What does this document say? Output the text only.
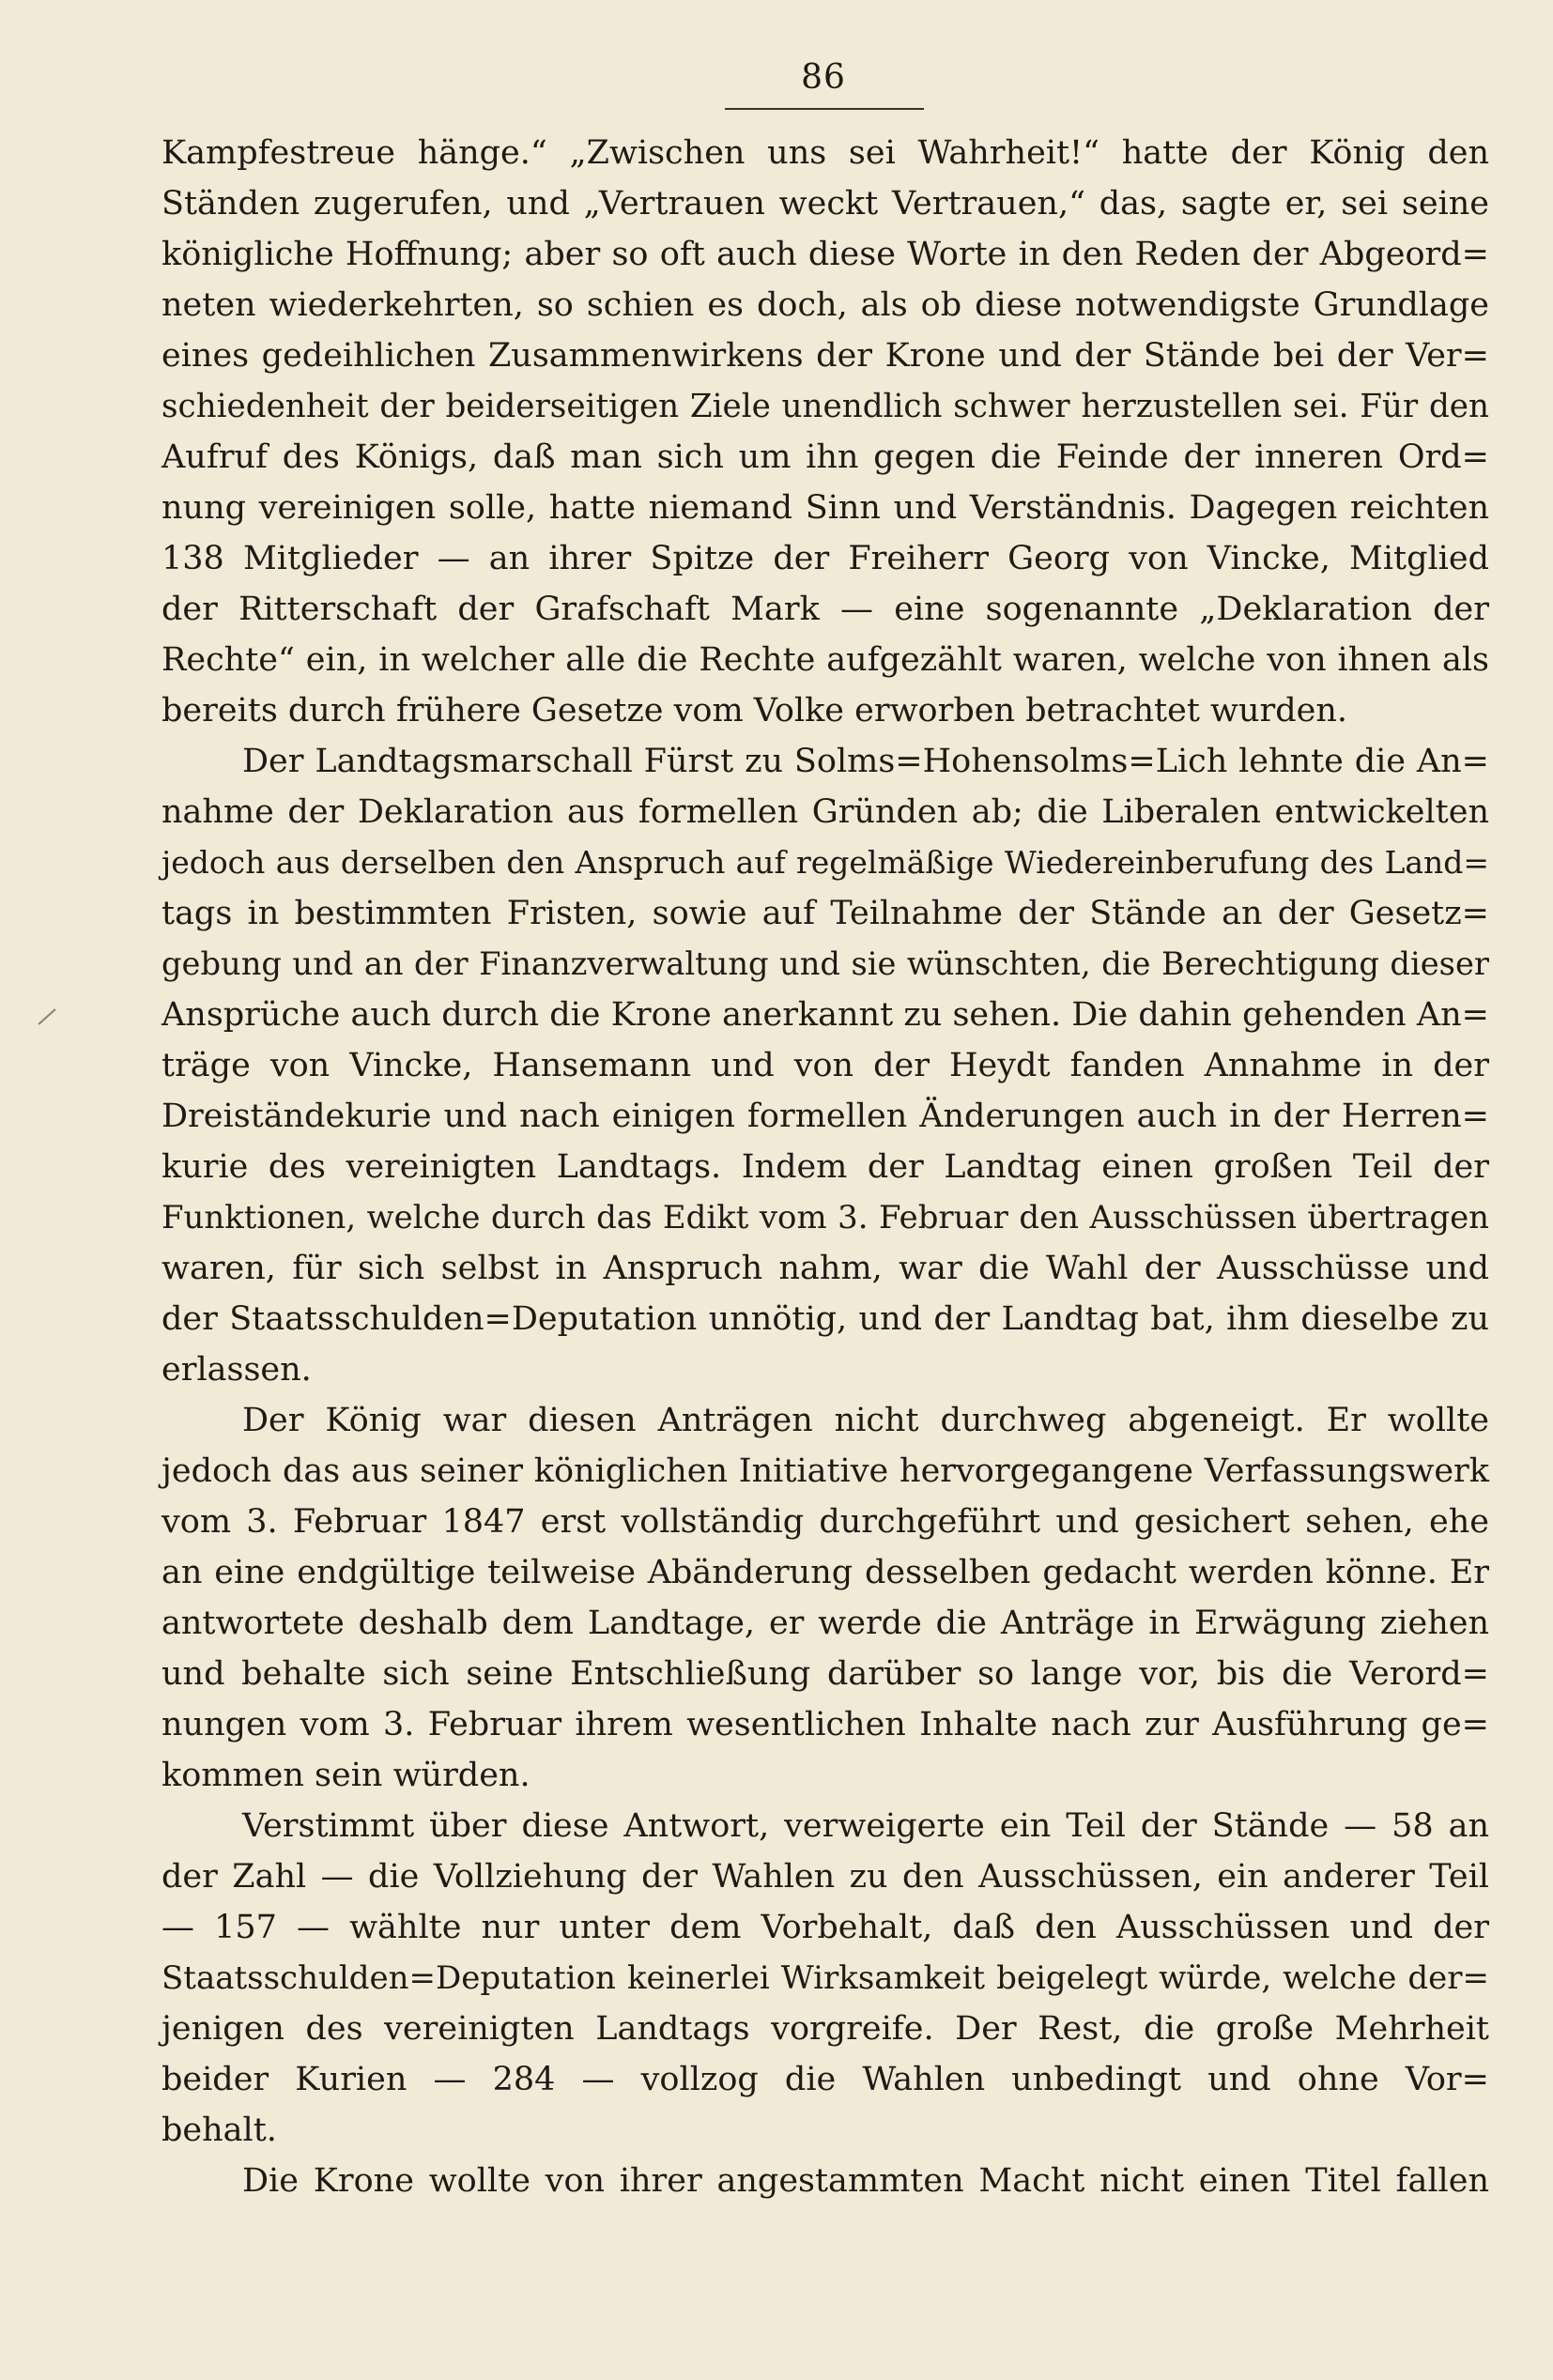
86
Kampfestreue hänge.“ „Zwischen uns sei Wahrheit!“ hatte der König den
Ständen zugerufen, und „Vertrauen weckt Vertrauen,“ das, sagte er, sei seine
königliche Hoffnung; aber so oft auch diese Worte in den Reden der Abgeord=
neten wiederkehrten, so schien es doch, als ob diese notwendigste Grundlage
eines gedeihlichen Zusammenwirkens der Krone und der Stände bei der Ver=
schiedenheit der beiderseitigen Ziele unendlich schwer herzustellen sei. Für den
Aufruf des Königs, daß man sich um ihn gegen die Feinde der inneren Ord=
nung vereinigen solle, hatte niemand Sinn und Verständnis. Dagegen reichten
138 Mitglieder — an ihrer Spitze der Freiherr Georg von Vincke, Mitglied
der Ritterschaft der Grafschaft Mark — eine sogenannte „Deklaration der
Rechte“ ein, in welcher alle die Rechte aufgezählt waren, welche von ihnen als
bereits durch frühere Gesetze vom Volke erworben betrachtet wurden.
Der Landtagsmarschall Fürst zu Solms=Hohensolms=Lich lehnte die An=
nahme der Deklaration aus formellen Gründen ab; die Liberalen entwickelten
jedoch aus derselben den Anspruch auf regelmäßige Wiedereinberufung des Land=
tags in bestimmten Fristen, sowie auf Teilnahme der Stände an der Gesetz=
gebung und an der Finanzverwaltung und sie wünschten, die Berechtigung dieser
Ansprüche auch durch die Krone anerkannt zu sehen. Die dahin gehenden An=
träge von Vincke, Hansemann und von der Heydt fanden Annahme in der
Dreiständekurie und nach einigen formellen Änderungen auch in der Herren=
kurie des vereinigten Landtags. Indem der Landtag einen großen Teil der
Funktionen, welche durch das Edikt vom 3. Februar den Ausschüssen übertragen
waren, für sich selbst in Anspruch nahm, war die Wahl der Ausschüsse und
der Staatsschulden=Deputation unnötig, und der Landtag bat, ihm dieselbe zu
erlassen.
Der König war diesen Anträgen nicht durchweg abgeneigt. Er wollte
jedoch das aus seiner königlichen Initiative hervorgegangene Verfassungswerk
vom 3. Februar 1847 erst vollständig durchgeführt und gesichert sehen, ehe
an eine endgültige teilweise Abänderung desselben gedacht werden könne. Er
antwortete deshalb dem Landtage, er werde die Anträge in Erwägung ziehen
und behalte sich seine Entschließung darüber so lange vor, bis die Verord=
nungen vom 3. Februar ihrem wesentlichen Inhalte nach zur Ausführung ge=
kommen sein würden.
Verstimmt über diese Antwort, verweigerte ein Teil der Stände — 58 an
der Zahl — die Vollziehung der Wahlen zu den Ausschüssen, ein anderer Teil
— 157 — wählte nur unter dem Vorbehalt, daß den Ausschüssen und der
Staatsschulden=Deputation keinerlei Wirksamkeit beigelegt würde, welche der=
jenigen des vereinigten Landtags vorgreife. Der Rest, die große Mehrheit
beider Kurien — 284 — vollzog die Wahlen unbedingt und ohne Vor=
behalt.
Die Krone wollte von ihrer angestammten Macht nicht einen Titel fallen
